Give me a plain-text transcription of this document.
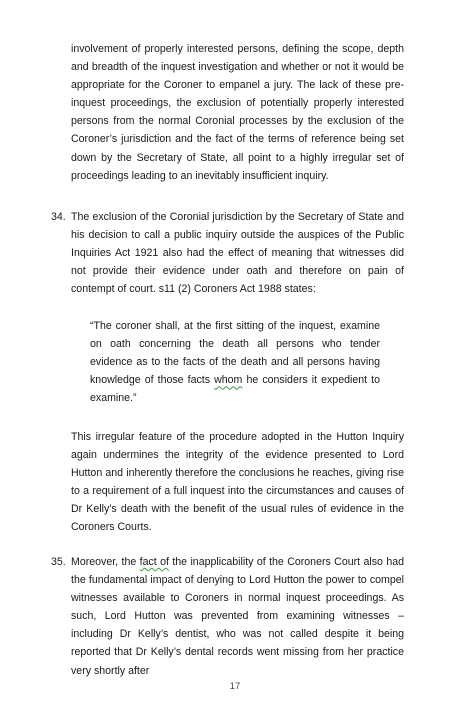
involvement of properly interested persons, defining the scope, depth and breadth of the inquest investigation and whether or not it would be appropriate for the Coroner to empanel a jury. The lack of these pre-inquest proceedings, the exclusion of potentially properly interested persons from the normal Coronial processes by the exclusion of the Coroner’s jurisdiction and the fact of the terms of reference being set down by the Secretary of State, all point to a highly irregular set of proceedings leading to an inevitably insufficient inquiry.

34. The exclusion of the Coronial jurisdiction by the Secretary of State and his decision to call a public inquiry outside the auspices of the Public Inquiries Act 1921 also had the effect of meaning that witnesses did not provide their evidence under oath and therefore on pain of contempt of court. s11 (2) Coroners Act 1988 states:
“The coroner shall, at the first sitting of the inquest, examine on oath concerning the death all persons who tender evidence as to the facts of the death and all persons having knowledge of those facts whom he considers it expedient to examine.”

This irregular feature of the procedure adopted in the Hutton Inquiry again undermines the integrity of the evidence presented to Lord Hutton and inherently therefore the conclusions he reaches, giving rise to a requirement of a full inquest into the circumstances and causes of Dr Kelly’s death with the benefit of the usual rules of evidence in the Coroners Courts.

35. Moreover, the fact of the inapplicability of the Coroners Court also had the fundamental impact of denying to Lord Hutton the power to compel witnesses available to Coroners in normal inquest proceedings. As such, Lord Hutton was prevented from examining witnesses – including Dr Kelly’s dentist, who was not called despite it being reported that Dr Kelly’s dental records went missing from her practice very shortly after
17
